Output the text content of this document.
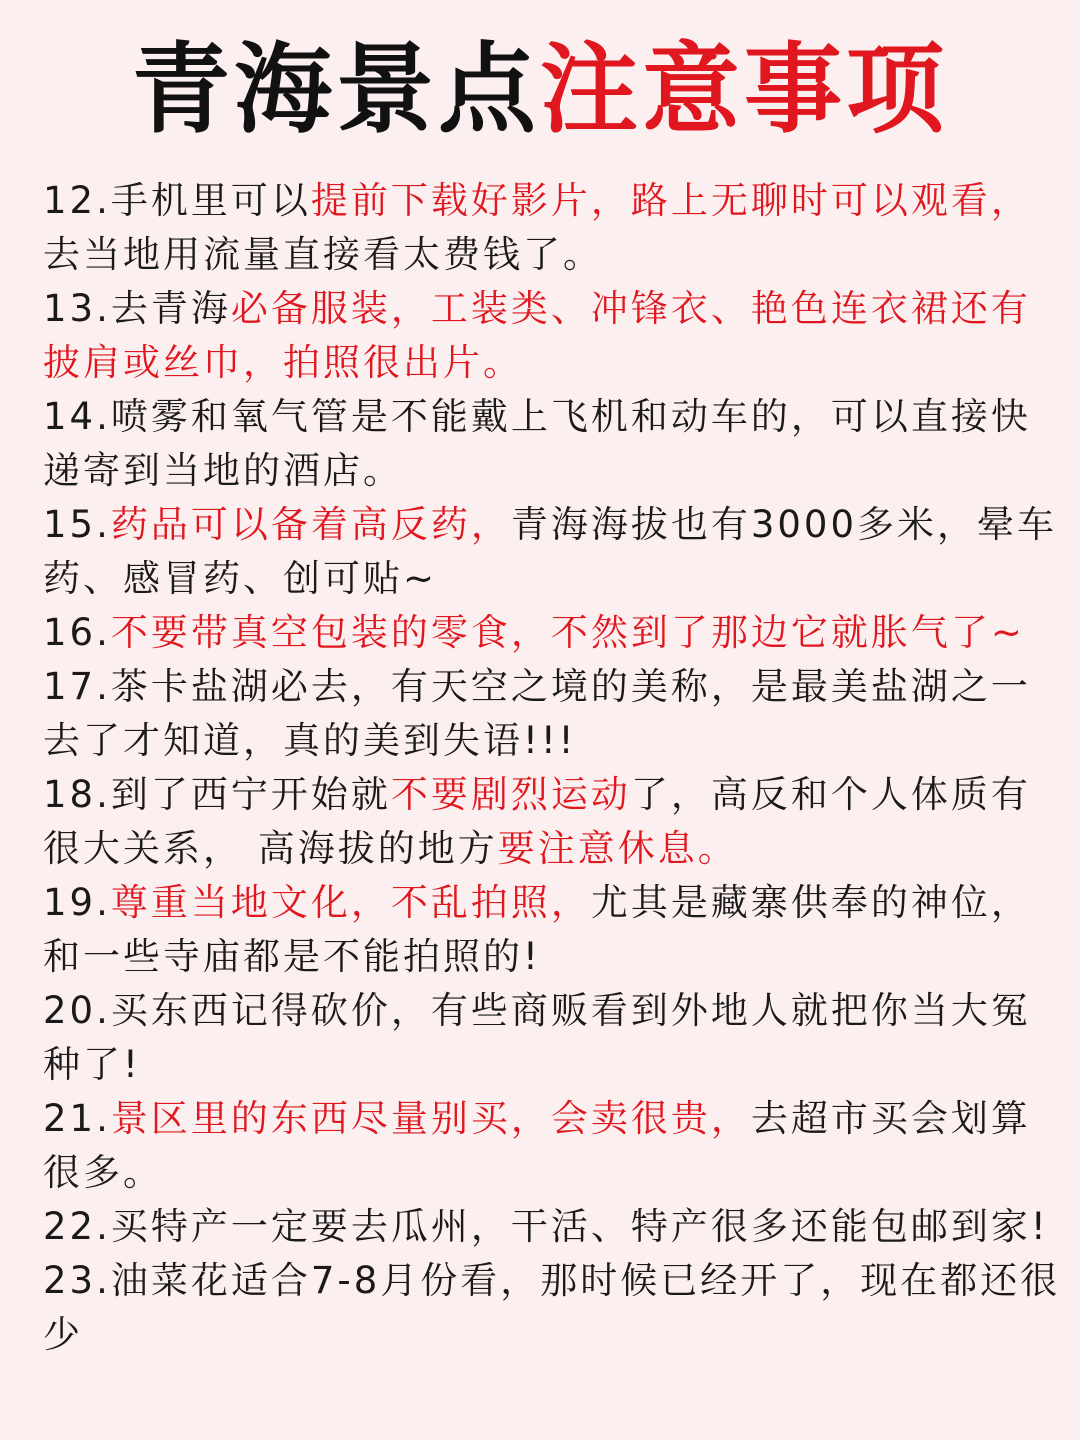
青海景点注意事项
12.手机里可以提前下载好影片，路上无聊时可以观看，去当地用流量直接看太费钱了。
13.去青海必备服装，工装类、冲锋衣、艳色连衣裙还有披肩或丝巾，拍照很出片。
14.喷雾和氧气管是不能戴上飞机和动车的，可以直接快递寄到当地的酒店。
15.药品可以备着高反药，青海海拔也有3000多米，晕车药、感冒药、创可贴~
16.不要带真空包装的零食，不然到了那边它就胀气了~
17.茶卡盐湖必去，有天空之境的美称，是最美盐湖之一去了才知道，真的美到失语!!!
18.到了西宁开始就不要剧烈运动了，高反和个人体质有很大关系， 高海拔的地方要注意休息。
19.尊重当地文化，不乱拍照，尤其是藏寨供奉的神位，和一些寺庙都是不能拍照的!
20.买东西记得砍价，有些商贩看到外地人就把你当大冤种了!
21.景区里的东西尽量别买，会卖很贵，去超市买会划算很多。
22.买特产一定要去瓜州，干活、特产很多还能包邮到家!
23.油菜花适合7-8月份看，那时候已经开了，现在都还很少
